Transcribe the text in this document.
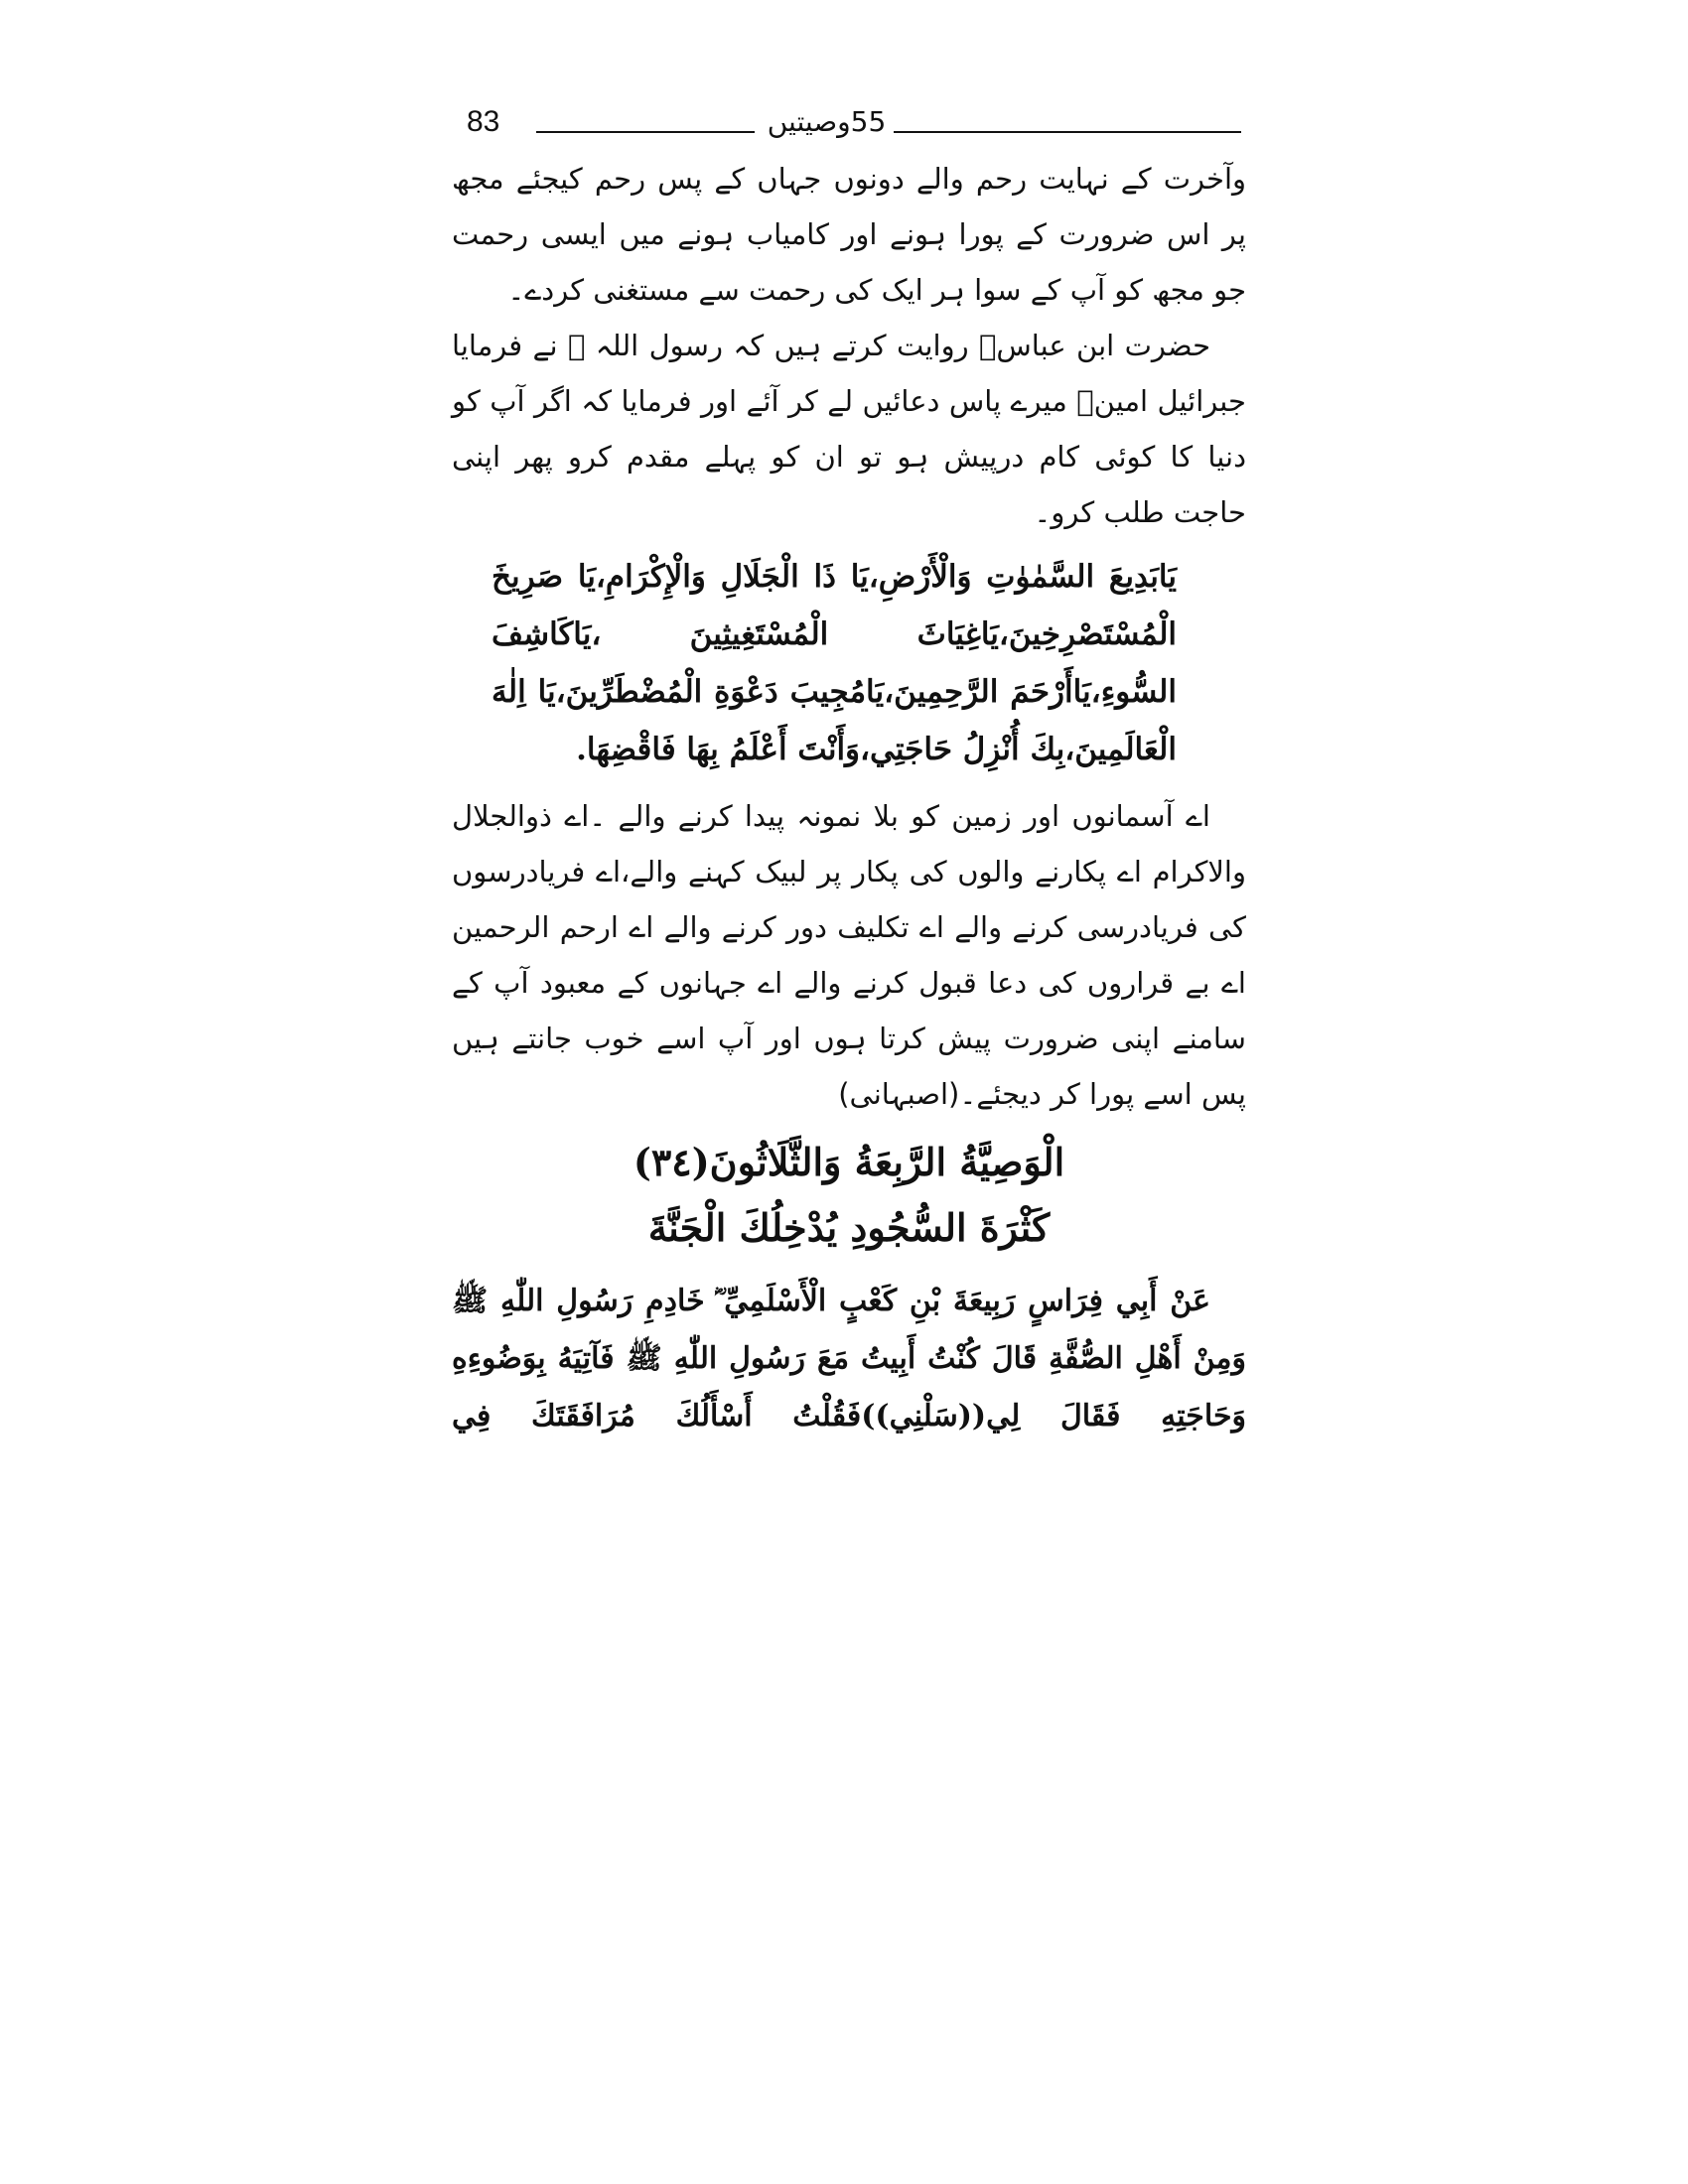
83	55وصیتیں

وآخرت کے نہایت رحم والے دونوں جہاں کے پس رحم کیجئے مجھ پر اس ضرورت کے پورا ہونے اور کامیاب ہونے میں ایسی رحمت جو مجھ کو آپ کے سوا ہر ایک کی رحمت سے مستغنی کردے۔

حضرت ابن عباسؓ روایت کرتے ہیں کہ رسول اللہ ﷺ نے فرمایا جبرائیل امینؑ میرے پاس دعائیں لے کر آئے اور فرمایا کہ اگر آپ کو دنیا کا کوئی کام درپیش ہو تو ان کو پہلے مقدم کرو پھر اپنی حاجت طلب کرو۔

يَابَدِيعَ السَّمٰوٰتِ وَالْأَرْضِ،يَا ذَا الْجَلَالِ وَالْإِكْرَامِ،يَا صَرِيخَ الْمُسْتَصْرِخِينَ،يَاغِيَاثَ الْمُسْتَغِيثِينَ ،يَاكَاشِفَ السُّوءِ،يَاأَرْحَمَ الرَّحِمِينَ،يَامُجِيبَ دَعْوَةِ الْمُضْطَرِّينَ،يَا اِلٰهَ الْعَالَمِينَ،بِكَ أُنْزِلُ حَاجَتِي،وَأَنْتَ أَعْلَمُ بِهَا فَاقْضِهَا.

اے آسمانوں اور زمین کو بلا نمونہ پیدا کرنے والے ۔اے ذوالجلال والاکرام اے پکارنے والوں کی پکار پر لبیک کہنے والے،اے فریادرسوں کی فریادرسی کرنے والے اے تکلیف دور کرنے والے اے ارحم الرحمین اے بے قراروں کی دعا قبول کرنے والے اے جہانوں کے معبود آپ کے سامنے اپنی ضرورت پیش کرتا ہوں اور آپ اسے خوب جانتے ہیں پس اسے پورا کر دیجئے۔(اصبہانی)

الْوَصِيَّةُ الرَّبِعَةُ وَالثَّلَاثُونَ(٣٤)
كَثْرَةَ السُّجُودِ يُدْخِلُكَ الْجَنَّةَ

عَنْ أَبِي فِرَاسٍ رَبِيعَةَ بْنِ كَعْبٍ الْأَسْلَمِيِّ ؓ خَادِمِ رَسُولِ اللّٰهِ ﷺ وَمِنْ أَهْلِ الصُّفَّةِ قَالَ كُنْتُ أَبِيتُ مَعَ رَسُولِ اللّٰهِ ﷺ فَآتِيَهُ بِوَضُوءِهِ وَحَاجَتِهِ فَقَالَ لِي((سَلْنِي))فَقُلْتُ أَسْأَلُكَ مُرَافَقَتَكَ فِي
